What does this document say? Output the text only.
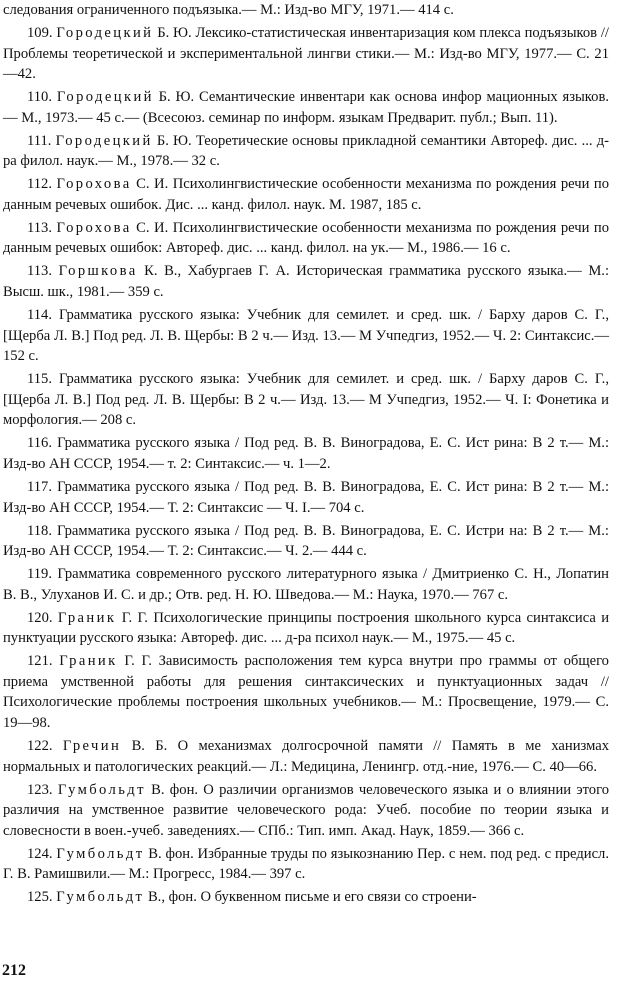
следования ограниченного подъязыка.— М.: Изд-во МГУ, 1971.— 414 с.

109. Городецкий Б. Ю. Лексико-статистическая инвентаризация ком плекса подъязыков // Проблемы теоретической и экспериментальной лингви стики.— М.: Изд-во МГУ, 1977.— С. 21—42.

110. Городецкий Б. Ю. Семантические инвентари как основа инфор мационных языков.— М., 1973.— 45 с.— (Всесоюз. семинар по информ. языкам Предварит. публ.; Вып. 11).

111. Городецкий Б. Ю. Теоретические основы прикладной семантики Автореф. дис. ... д-ра филол. наук.— М., 1978.— 32 с.

112. Горохова С. И. Психолингвистические особенности механизма по рождения речи по данным речевых ошибок. Дис. ... канд. филол. наук. М. 1987, 185 с.

113. Горохова С. И. Психолингвистические особенности механизма по рождения речи по данным речевых ошибок: Автореф. дис. ... канд. филол. на ук.— М., 1986.— 16 с.

113. Горшкова К. В., Хабургаев Г. А. Историческая грамматика русского языка.— М.: Высш. шк., 1981.— 359 с.

114. Грамматика русского языка: Учебник для семилет. и сред. шк. / Барху даров С. Г., [Щерба Л. В.] Под ред. Л. В. Щербы: В 2 ч.— Изд. 13.— М Учпедгиз, 1952.— Ч. 2: Синтаксис.— 152 с.

115. Грамматика русского языка: Учебник для семилет. и сред. шк. / Барху даров С. Г., [Щерба Л. В.] Под ред. Л. В. Щербы: В 2 ч.— Изд. 13.— М Учпедгиз, 1952.— Ч. I: Фонетика и морфология.— 208 с.

116. Грамматика русского языка / Под ред. В. В. Виноградова, Е. С. Ист рина: В 2 т.— М.: Изд-во АН СССР, 1954.— т. 2: Синтаксис.— ч. 1—2.

117. Грамматика русского языка / Под ред. В. В. Виноградова, Е. С. Ист рина: В 2 т.— М.: Изд-во АН СССР, 1954.— Т. 2: Синтаксис — Ч. I.— 704 с.

118. Грамматика русского языка / Под ред. В. В. Виноградова, Е. С. Истри на: В 2 т.— М.: Изд-во АН СССР, 1954.— Т. 2: Синтаксис.— Ч. 2.— 444 с.

119. Грамматика современного русского литературного языка / Дмитриенко С. Н., Лопатин В. В., Улуханов И. С. и др.; Отв. ред. Н. Ю. Шведова.— М.: Наука, 1970.— 767 с.

120. Граник Г. Г. Психологические принципы построения школьного курса синтаксиса и пунктуации русского языка: Автореф. дис. ... д-ра психол наук.— М., 1975.— 45 с.

121. Граник Г. Г. Зависимость расположения тем курса внутри про граммы от общего приема умственной работы для решения синтаксических и пунктуационных задач // Психологические проблемы построения школьных учебников.— М.: Просвещение, 1979.— С. 19—98.

122. Гречин В. Б. О механизмах долгосрочной памяти // Память в ме ханизмах нормальных и патологических реакций.— Л.: Медицина, Ленингр. отд.-ние, 1976.— С. 40—66.

123. Гумбольдт В. фон. О различии организмов человеческого языка и о влиянии этого различия на умственное развитие человеческого рода: Учеб. пособие по теории языка и словесности в воен.-учеб. заведениях.— СПб.: Тип. имп. Акад. Наук, 1859.— 366 с.

124. Гумбольдт В. фон. Избранные труды по языкознанию Пер. с нем. под ред. с предисл. Г. В. Рамишвили.— М.: Прогресс, 1984.— 397 с.

125. Гумбольдт В., фон. О буквенном письме и его связи со строени-

212
